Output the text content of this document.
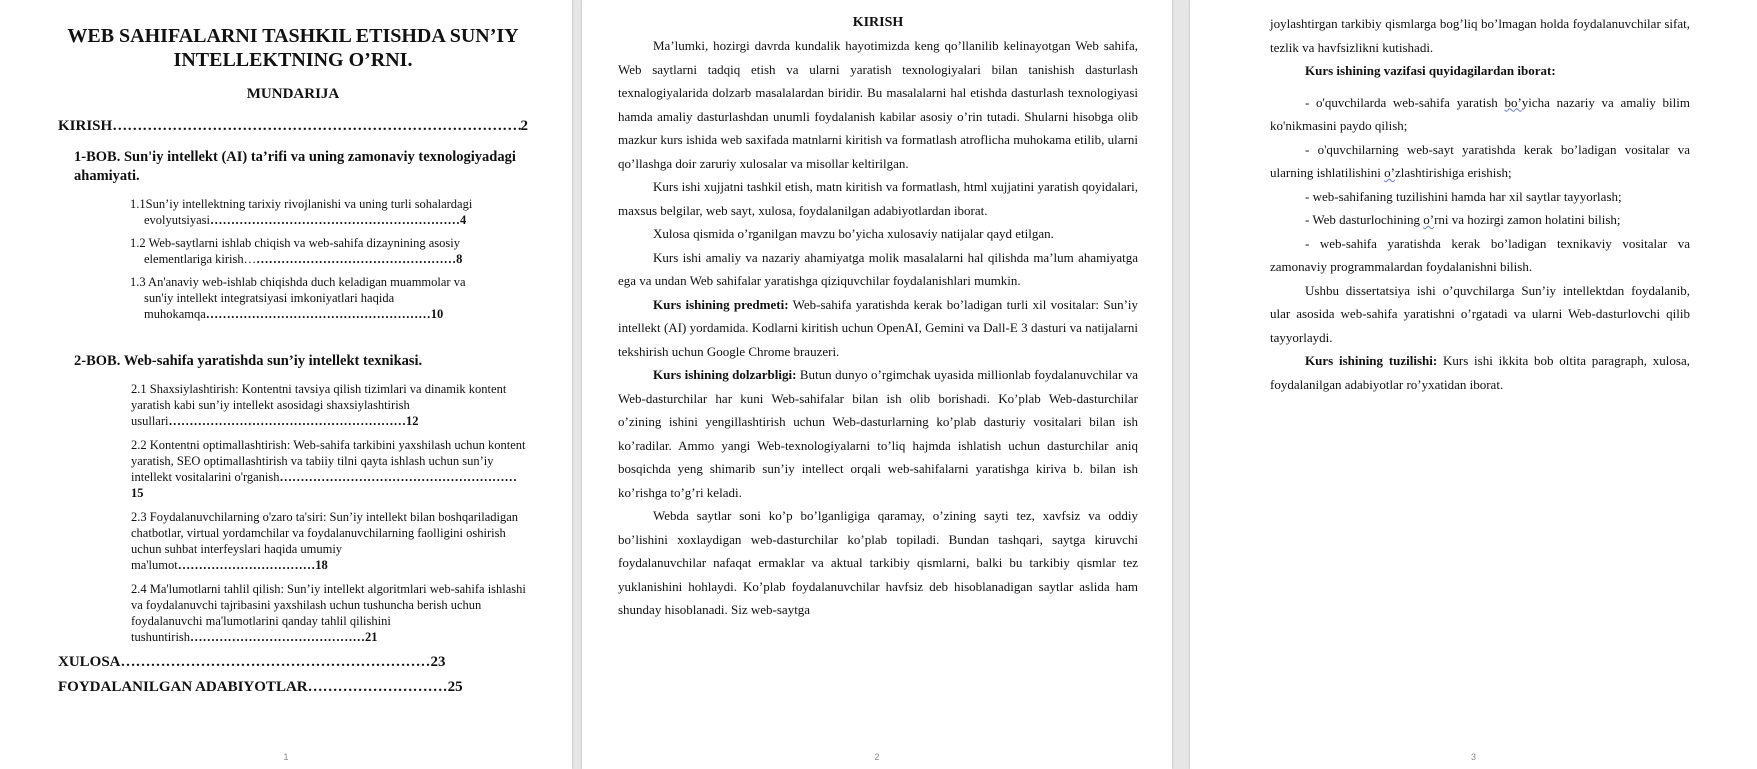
WEB SAHIFALARNI TASHKIL ETISHDA SUN’IY INTELLEKTNING O’RNI.
MUNDARIJA
KIRISH ……………………………………………………………………………………………………	2
1-BOB. Sun'iy intellekt (AI) ta’rifi va uning zamonaviy texnologiyadagi ahamiyati.
1.1Sun’iy intellektning tarixiy rivojlanishi va uning turli sohalardagi
evolyutsiyasi……………………………………………………4
1.2 Web-saytlarni ishlab chiqish va web-sahifa dizaynining asosiy
elementlariga kirish……………………………………………8
1.3 An'anaviy web-ishlab chiqishda duch keladigan muammolar va
sun'iy intellekt integratsiyasi imkoniyatlari haqida
muhokamqa………………………………………………10
2-BOB. Web-sahifa yaratishda sun’iy intellekt texnikasi.
2.1 Shaxsiylashtirish: Kontentni tavsiya qilish tizimlari va dinamik kontent yaratish kabi sun’iy intellekt asosidagi shaxsiylashtirish usullari…………………………………………………12
2.2 Kontentni optimallashtirish: Web-sahifa tarkibini yaxshilash uchun kontent yaratish, SEO optimallashtirish va tabiiy tilni qayta ishlash uchun sun’iy intellekt vositalarini o'rganish…………………………………………………15
2.3 Foydalanuvchilarning o'zaro ta'siri: Sun’iy intellekt bilan boshqariladigan chatbotlar, virtual yordamchilar va foydalanuvchilarning faolligini oshirish uchun suhbat interfeyslari haqida umumiy ma'lumot……………………………18
2.4 Ma'lumotlarni tahlil qilish: Sun’iy intellekt algoritmlari web-sahifa ishlashi va foydalanuvchi tajribasini yaxshilash uchun tushuncha berish uchun foydalanuvchi ma'lumotlarini qanday tahlil qilishini tushuntirish……………………………………21
XULOSA ……………………………………………………………………………………………………	23
FOYDALANILGAN ADABIYOTLAR ……………………………………………………………………………………………………	25
1
KIRISH

Ma’lumki, hozirgi davrda kundalik hayotimizda keng qo’llanilib kelinayotgan Web sahifa, Web saytlarni tadqiq etish va ularni yaratish texnologiyalari bilan tanishish dasturlash texnalogiyalarida dolzarb masalalardan biridir. Bu masalalarni hal etishda dasturlash texnologiyasi hamda amaliy dasturlashdan unumli foydalanish kabilar asosiy o’rin tutadi. Shularni hisobga olib mazkur kurs ishida web saxifada matnlarni kiritish va formatlash atroflicha muhokama etilib, ularni qo’llashga doir zaruriy xulosalar va misollar keltirilgan.

Kurs ishi xujjatni tashkil etish, matn kiritish va formatlash, html xujjatini yaratish qoyidalari, maxsus belgilar, web sayt, xulosa, foydalanilgan adabiyotlardan iborat.

Xulosa qismida o’rganilgan mavzu bo’yicha xulosaviy natijalar qayd etilgan.

Kurs ishi amaliy va nazariy ahamiyatga molik masalalarni hal qilishda ma’lum ahamiyatga ega va undan Web sahifalar yaratishga qiziquvchilar foydalanishlari mumkin.

Kurs ishining predmeti: Web-sahifa yaratishda kerak bo’ladigan turli xil vositalar: Sun’iy intellekt (AI) yordamida. Kodlarni kiritish uchun OpenAI, Gemini va Dall-E 3 dasturi va natijalarni tekshirish uchun Google Chrome brauzeri.

Kurs ishining dolzarbligi: Butun dunyo o’rgimchak uyasida millionlab foydalanuvchilar va Web-dasturchilar har kuni Web-sahifalar bilan ish olib borishadi. Ko’plab Web-dasturchilar o’zining ishini yengillashtirish uchun Web-dasturlarning ko’plab dasturiy vositalari bilan ish ko’radilar. Ammo yangi Web-texnologiyalarni to’liq hajmda ishlatish uchun dasturchilar aniq bosqichda yeng shimarib sun’iy intellect orqali web-sahifalarni yaratishga kiriva b. bilan ish ko’rishga to’g’ri keladi.

Webda saytlar soni ko’p bo’lganligiga qaramay, o’zining sayti tez, xavfsiz va oddiy bo’lishini xoxlaydigan web-dasturchilar ko’plab topiladi. Bundan tashqari, saytga kiruvchi foydalanuvchilar nafaqat ermaklar va aktual tarkibiy qismlarni, balki bu tarkibiy qismlar tez yuklanishini hohlaydi. Ko’plab foydalanuvchilar havfsiz deb hisoblanadigan saytlar aslida ham shunday hisoblanadi. Siz web-saytga

2

joylashtirgan tarkibiy qismlarga bog’liq bo’lmagan holda foydalanuvchilar sifat, tezlik va havfsizlikni kutishadi.

Kurs ishining vazifasi quyidagilardan iborat:

- o'quvchilarda web-sahifa yaratish bo’yicha nazariy va amaliy bilim ko'nikmasini paydo qilish;

- o'quvchilarning web-sayt yaratishda kerak bo’ladigan vositalar va ularning ishlatilishini o’zlashtirishiga erishish;

- web-sahifaning tuzilishini hamda har xil saytlar tayyorlash;

- Web dasturlochining o’rni va hozirgi zamon holatini bilish;

- web-sahifa yaratishda kerak bo’ladigan texnikaviy vositalar va zamonaviy programmalardan foydalanishni bilish.

Ushbu dissertatsiya ishi o’quvchilarga Sun’iy intellektdan foydalanib, ular asosida web-sahifa yaratishni o’rgatadi va ularni Web-dasturlovchi qilib tayyorlaydi.

Kurs ishining tuzilishi: Kurs ishi ikkita bob oltita paragraph, xulosa, foydalanilgan adabiyotlar ro’yxatidan iborat.

3
